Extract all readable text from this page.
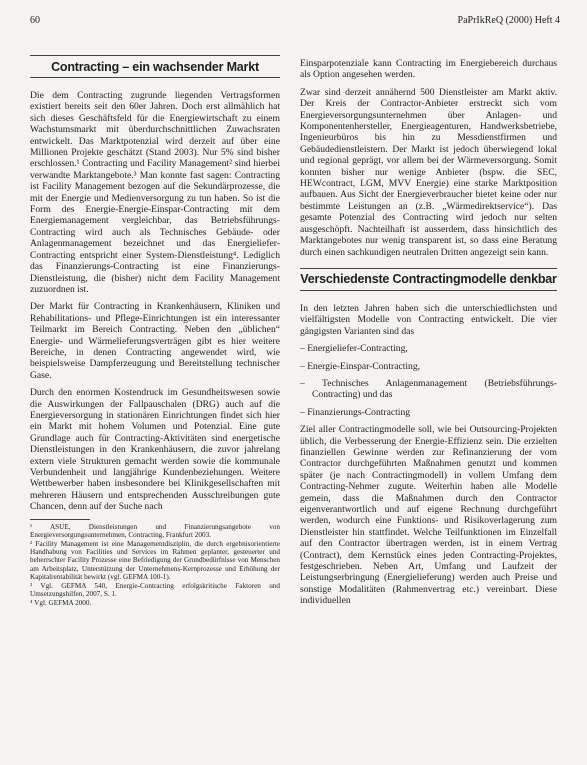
60	PaPrIkReQ (2000) Heft 4
Contracting – ein wachsender Markt

Die dem Contracting zugrunde liegenden Vertragsformen existiert bereits seit den 60er Jahren. Doch erst allmählich hat sich dieses Geschäftsfeld für die Energiewirtschaft zu einem Wachstumsmarkt mit überdurchschnittlichen Zuwachsraten entwickelt. Das Marktpotenzial wird derzeit auf über eine Millionen Projekte geschätzt (Stand 2003). Nur 5% sind bisher erschlossen.¹ Contracting und Facility Management² sind hierbei verwandte Marktangebote.³ Man konnte fast sagen: Contracting ist Facility Management bezogen auf die Sekundärprozesse, die mit der Energie und Medienversorgung zu tun haben. So ist die Form des Energie-Energie-Einspar-Contracting mit dem Energiemanagement vergleichbar, das Betriebsführungs-Contracting wird auch als Technisches Gebäude- oder Anlagenmanagement bezeichnet und das Energieliefer-Contracting entspricht einer System-Dienstleistung⁴. Lediglich das Finanzierungs-Contracting ist eine Finanzierungs-Dienstleistung, die (bisher) nicht dem Facility Management zuzuordnen ist.

Der Markt für Contracting in Krankenhäusern, Kliniken und Rehabilitations- und Pflege-Einrichtungen ist ein interessanter Teilmarkt im Bereich Contracting. Neben den „üblichen“ Energie- und Wärmelieferungsverträgen gibt es hier weitere Bereiche, in denen Contracting angewendet wird, wie beispielsweise Dampferzeugung und Bereitstellung technischer Gase.

Durch den enormen Kostendruck im Gesundheitswesen sowie die Auswirkungen der Fallpauschalen (DRG) auch auf die Energieversorgung in stationären Einrichtungen findet sich hier ein Markt mit hohem Volumen und Potenzial. Eine gute Grundlage auch für Contracting-Aktivitäten sind energetische Dienstleistungen in den Krankenhäusern, die zuvor jahrelang extern viele Strukturen gemacht werden sowie die kommunale Verbundenheit und langjährige Kundenbeziehungen. Weitere Wettbewerber haben insbesondere bei Klinikgesellschaften mit mehreren Häusern und entsprechenden Ausschreibungen gute Chancen, denn auf der Suche nach

¹ ASUE, Dienstleistungen und Finanzierungsangebote von Energieversorgungsunternehmen, Contracting, Frankfurt 2003.

² Facility Management ist eine Managementdisziplin, die durch ergebnisorientierte Handhabung von Facilities und Services im Rahmen geplanter, gesteuerter und beherrschter Facility Prozesse eine Befriedigung der Grundbedürfnisse von Menschen am Arbeitsplatz, Unterstützung der Unternehmens-Kernprozesse und Erhöhung der Kapitalrentabilität bewirkt (vgl. GEFMA 100-1).

³ Vgl. GEFMA 540, Energie-Contracting erfolgskritische Faktoren und Umsetzungshilfen, 2007, S. 1.

⁴ Vgl. GEFMA 2000.

Einsparpotenziale kann Contracting im Energiebereich durchaus als Option angesehen werden.

Zwar sind derzeit annähernd 500 Dienstleister am Markt aktiv. Der Kreis der Contractor-Anbieter erstreckt sich vom Energieversorgungsunternehmen über Anlagen- und Komponentenhersteller, Energieagenturen, Handwerksbetriebe, Ingenieurbüros bis hin zu Messdienstfirmen und Gebäudedienstleistern. Der Markt ist jedoch überwiegend lokal und regional geprägt, vor allem bei der Wärmeversorgung. Somit konnten bisher nur wenige Anbieter (bspw. die SEC, HEWcontract, LGM, MVV Energie) eine starke Marktposition aufbauen. Aus Sicht der Energieverbraucher bietet keine oder nur bestimmte Leistungen an (z.B. „Wärmedirektservice“). Das gesamte Potenzial des Contracting wird jedoch nur selten ausgeschöpft. Nachteilhaft ist ausserdem, dass hinsichtlich des Marktangebotes nur wenig transparent ist, so dass eine Beratung durch einen sachkundigen neutralen Dritten angezeigt sein kann.

Verschiedenste Contractingmodelle denkbar

In den letzten Jahren haben sich die unterschiedlichsten und vielfältigsten Modelle von Contracting entwickelt. Die vier gängigsten Varianten sind das

– Energieliefer-Contracting,
– Energie-Einspar-Contracting,
– Technisches Anlagenmanagement (Betriebsführungs-Contracting) und das
– Finanzierungs-Contracting

Ziel aller Contractingmodelle soll, wie bei Outsourcing-Projekten üblich, die Verbesserung der Energie-Effizienz sein. Die erzielten finanziellen Gewinne werden zur Refinanzierung der vom Contractor durchgeführten Maßnahmen genutzt und kommen später (je nach Contractingmodell) in vollem Umfang dem Contracting-Nehmer zugute. Weiterhin haben alle Modelle gemein, dass die Maßnahmen durch den Contractor eigenverantwortlich und auf eigene Rechnung durchgeführt werden, wodurch eine Funktions- und Risikoverlagerung zum Dienstleister hin stattfindet. Welche Teilfunktionen im Einzelfall auf den Contractor übertragen werden, ist in einem Vertrag (Contract), dem Kernstück eines jeden Contracting-Projektes, festgeschrieben. Neben Art, Umfang und Laufzeit der Leistungserbringung (Energielieferung) werden auch Preise und sonstige Modalitäten (Rahmenvertrag etc.) vereinbart. Diese individuellen
